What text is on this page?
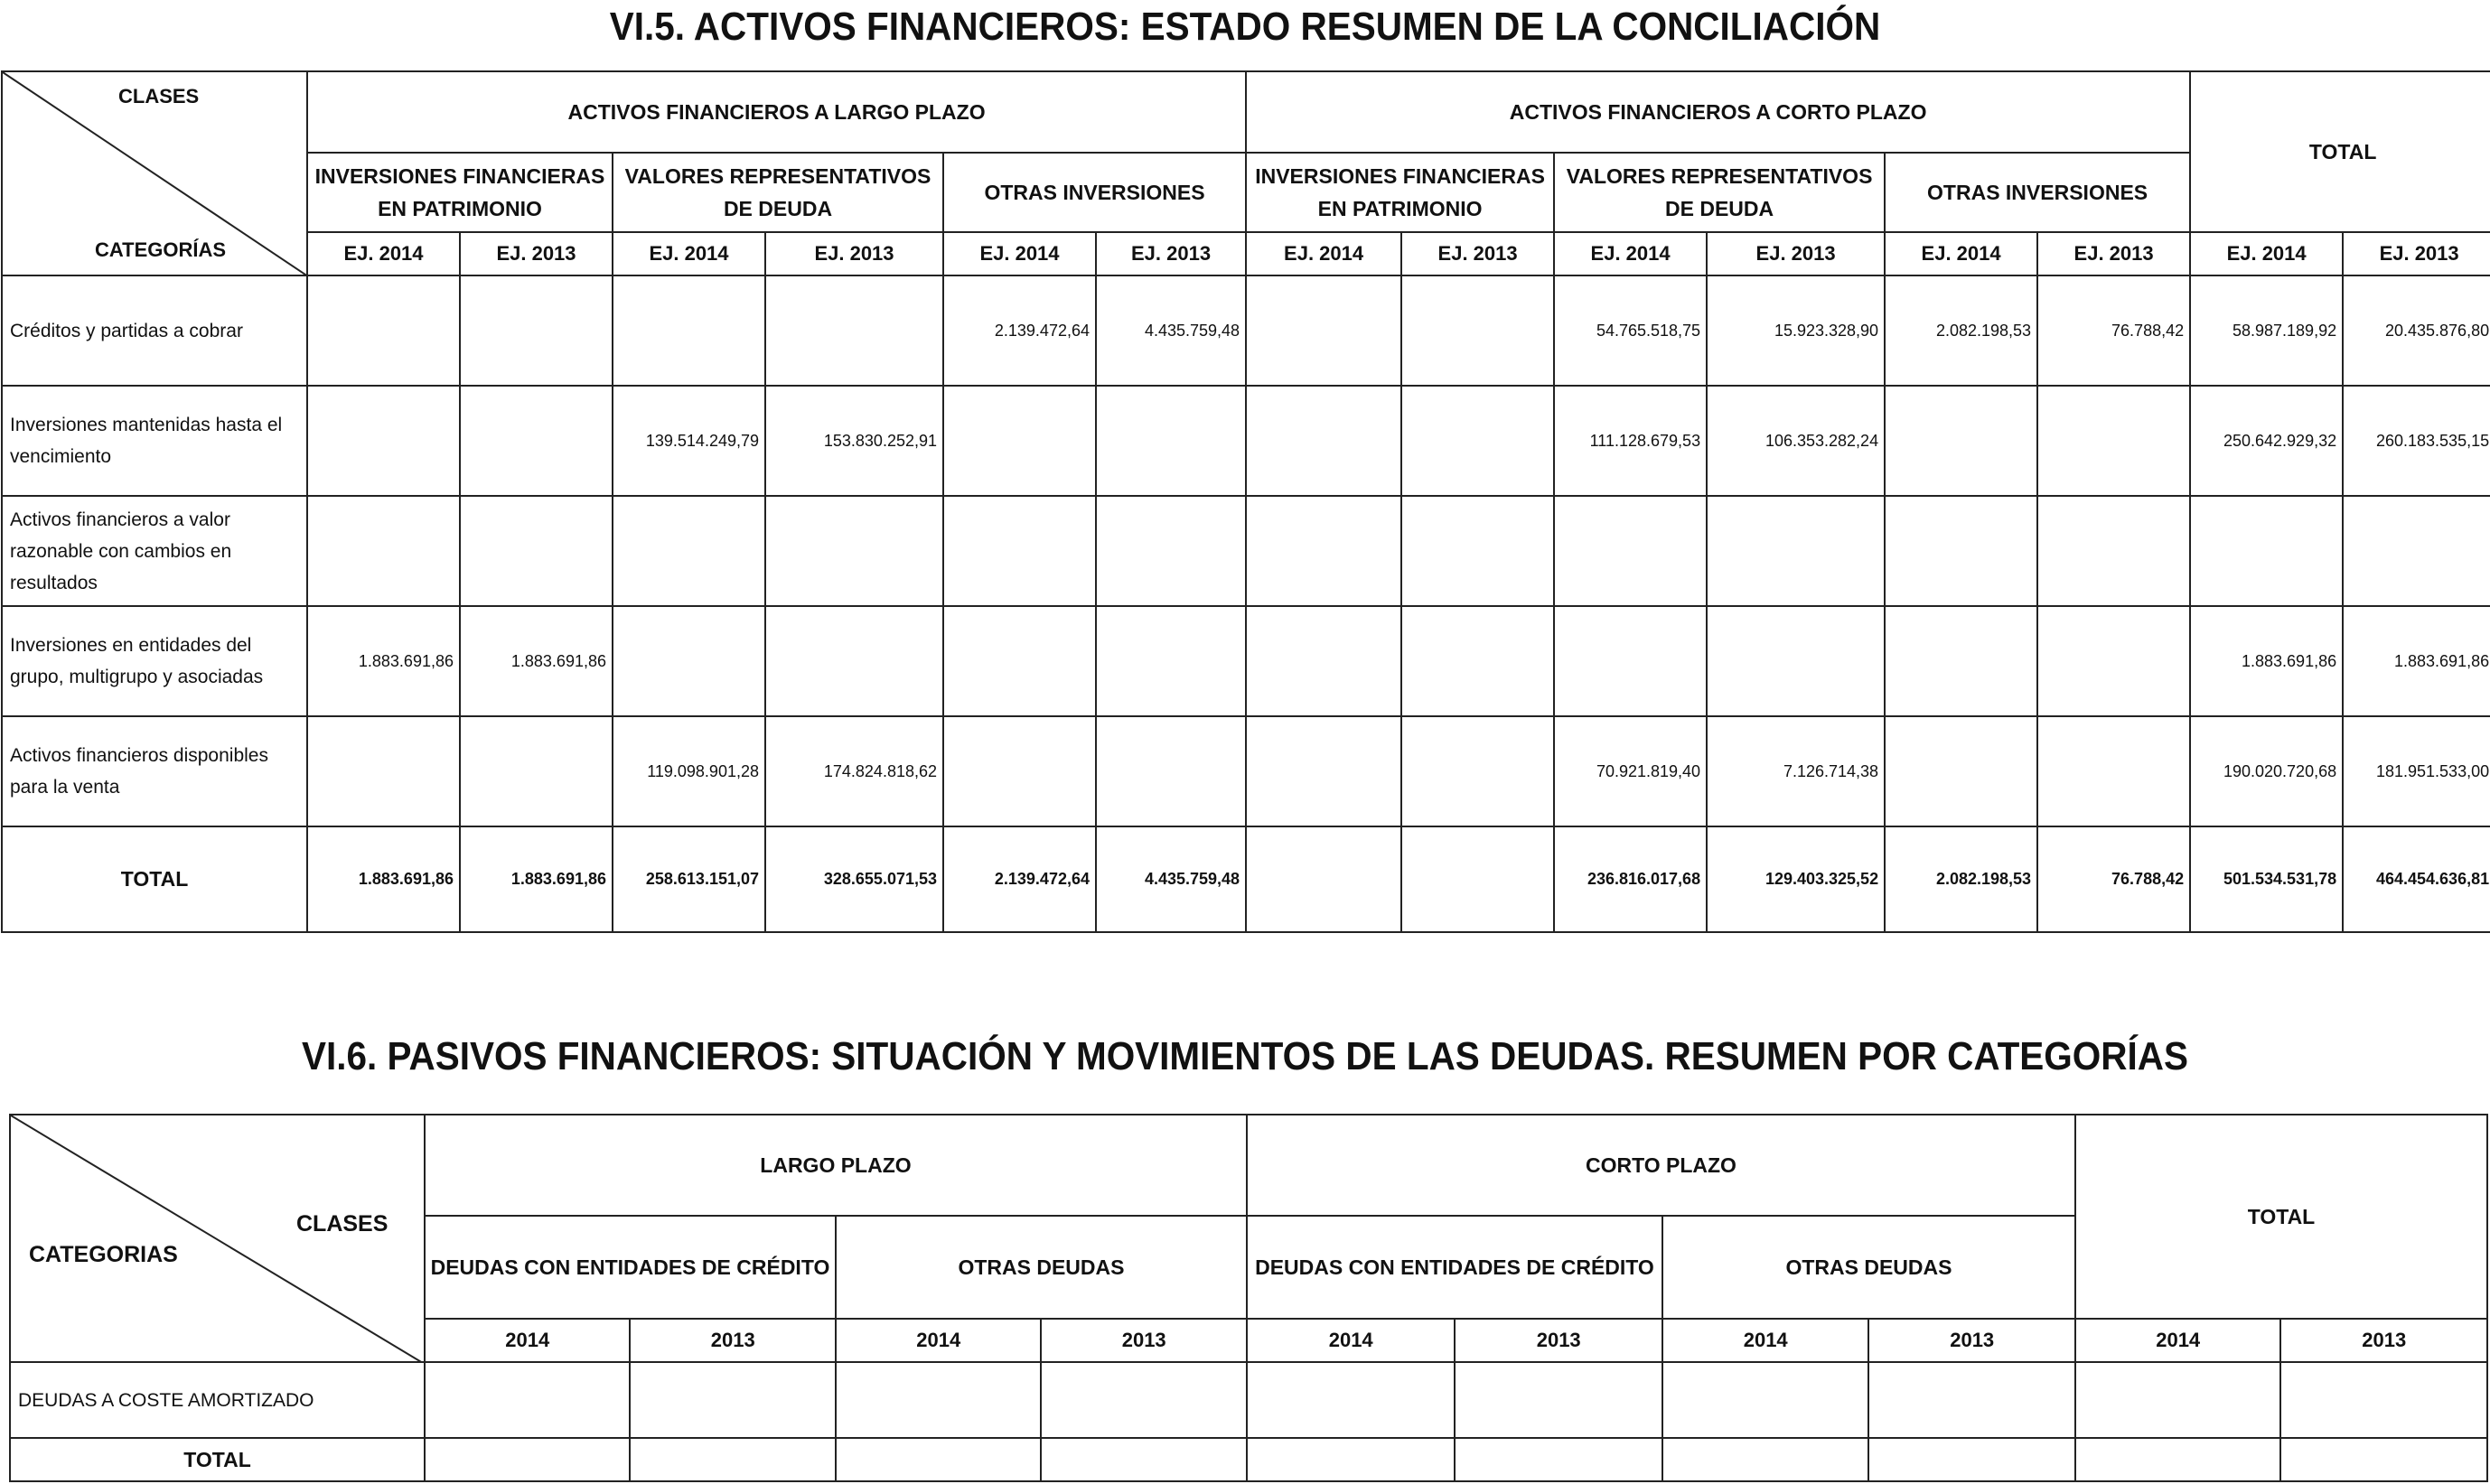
VI.5. ACTIVOS FINANCIEROS: ESTADO RESUMEN DE LA CONCILIACIÓN
CLASES
CATEGORÍAS	ACTIVOS FINANCIEROS A LARGO PLAZO						ACTIVOS FINANCIEROS A CORTO PLAZO						TOTAL	
	INVERSIONES FINANCIERAS EN PATRIMONIO		VALORES REPRESENTATIVOS DE DEUDA		OTRAS INVERSIONES		INVERSIONES FINANCIERAS EN PATRIMONIO		VALORES REPRESENTATIVOS DE DEUDA		OTRAS INVERSIONES			
	EJ. 2014	EJ. 2013	EJ. 2014	EJ. 2013	EJ. 2014	EJ. 2013	EJ. 2014	EJ. 2013	EJ. 2014	EJ. 2013	EJ. 2014	EJ. 2013	EJ. 2014	EJ. 2013
Créditos y partidas a cobrar					2.139.472,64	4.435.759,48			54.765.518,75	15.923.328,90	2.082.198,53	76.788,42	58.987.189,92	20.435.876,80
Inversiones mantenidas hasta el vencimiento			139.514.249,79	153.830.252,91					111.128.679,53	106.353.282,24			250.642.929,32	260.183.535,15
Activos financieros a valor razonable con cambios en resultados														
Inversiones en entidades del grupo, multigrupo y asociadas	1.883.691,86	1.883.691,86											1.883.691,86	1.883.691,86
Activos financieros disponibles para la venta			119.098.901,28	174.824.818,62					70.921.819,40	7.126.714,38			190.020.720,68	181.951.533,00
TOTAL	1.883.691,86	1.883.691,86	258.613.151,07	328.655.071,53	2.139.472,64	4.435.759,48			236.816.017,68	129.403.325,52	2.082.198,53	76.788,42	501.534.531,78	464.454.636,81
VI.6. PASIVOS FINANCIEROS: SITUACIÓN Y MOVIMIENTOS DE LAS DEUDAS. RESUMEN POR CATEGORÍAS
CLASES
CATEGORIAS	LARGO PLAZO				CORTO PLAZO				TOTAL	
	DEUDAS CON ENTIDADES DE CRÉDITO		OTRAS DEUDAS		DEUDAS CON ENTIDADES DE CRÉDITO		OTRAS DEUDAS			
	2014	2013	2014	2013	2014	2013	2014	2013	2014	2013
DEUDAS A COSTE AMORTIZADO										
TOTAL										
